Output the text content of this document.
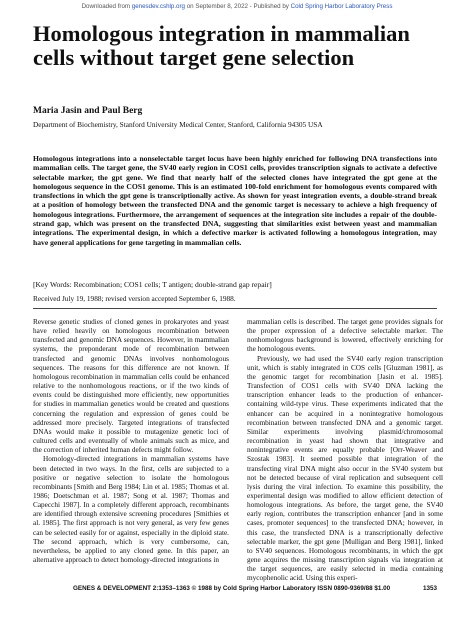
Downloaded from genesdev.cshlp.org on September 8, 2022 - Published by Cold Spring Harbor Laboratory Press
Homologous integration in mammalian cells without target gene selection
Maria Jasin and Paul Berg
Department of Biochemistry, Stanford University Medical Center, Stanford, California 94305 USA

Homologous integrations into a nonselectable target locus have been highly enriched for following DNA transfections into mammalian cells. The target gene, the SV40 early region in COS1 cells, provides transcription signals to activate a defective selectable marker, the gpt gene. We find that nearly half of the selected clones have integrated the gpt gene at the homologous sequence in the COS1 genome. This is an estimated 100-fold enrichment for homologous events compared with transfections in which the gpt gene is transcriptionally active. As shown for yeast integration events, a double-strand break at a position of homology between the transfected DNA and the genomic target is necessary to achieve a high frequency of homologous integrations. Furthermore, the arrangement of sequences at the integration site includes a repair of the double-strand gap, which was present on the transfected DNA, suggesting that similarities exist between yeast and mammalian integrations. The experimental design, in which a defective marker is activated following a homologous integration, may have general applications for gene targeting in mammalian cells.

[Key Words: Recombination; COS1 cells; T antigen; double-strand gap repair]
Received July 19, 1988; revised version accepted September 6, 1988.

Reverse genetic studies of cloned genes in prokaryotes and yeast have relied heavily on homologous recombination between transfected and genomic DNA sequences. However, in mammalian systems, the preponderant mode of recombination between transfected and genomic DNAs involves nonhomologous sequences. The reasons for this difference are not known. If homologous recombination in mammalian cells could be enhanced relative to the nonhomologous reactions, or if the two kinds of events could be distinguished more efficiently, new opportunities for studies in mammalian genetics would be created and questions concerning the regulation and expression of genes could be addressed more precisely. Targeted integrations of transfected DNAs would make it possible to mutagenize genetic loci of cultured cells and eventually of whole animals such as mice, and the correction of inherited human defects might follow.

Homology-directed integrations in mammalian systems have been detected in two ways. In the first, cells are subjected to a positive or negative selection to isolate the homologous recombinants [Smith and Berg 1984; Lin et al. 1985; Thomas et al. 1986; Doetschman et al. 1987; Song et al. 1987; Thomas and Capecchi 1987]. In a completely different approach, recombinants are identified through extensive screening procedures [Smithies et al. 1985]. The first approach is not very general, as very few genes can be selected easily for or against, especially in the diploid state. The second approach, which is very cumbersome, can, nevertheless, be applied to any cloned gene. In this paper, an alternative approach to detect homology-directed integrations in

mammalian cells is described. The target gene provides signals for the proper expression of a defective selectable marker. The nonhomologous background is lowered, effectively enriching for the homologous events.

Previously, we had used the SV40 early region transcription unit, which is stably integrated in COS cells [Gluzman 1981], as the genomic target for recombination [Jasin et al. 1985]. Transfection of COS1 cells with SV40 DNA lacking the transcription enhancer leads to the production of enhancer-containing wild-type virus. These experiments indicated that the enhancer can be acquired in a nonintegrative homologous recombination between transfected DNA and a genomic target. Similar experiments involving plasmid/chromosomal recombination in yeast had shown that integrative and nonintegrative events are equally probable [Orr-Weaver and Szostak 1983]. It seemed possible that integration of the transfecting viral DNA might also occur in the SV40 system but not be detected because of viral replication and subsequent cell lysis during the viral infection. To examine this possibility, the experimental design was modified to allow efficient detection of homologous integrations. As before, the target gene, the SV40 early region, contributes the transcription enhancer [and in some cases, promoter sequences] to the transfected DNA; however, in this case, the transfected DNA is a transcriptionally defective selectable marker, the gpt gene [Mulligan and Berg 1981], linked to SV40 sequences. Homologous recombinants, in which the gpt gene acquires the missing transcription signals via integration at the target sequences, are easily selected in media containing mycophenolic acid. Using this experi-

GENES & DEVELOPMENT 2:1353–1363 © 1988 by Cold Spring Harbor Laboratory ISSN 0890-9369/88 $1.00	1353
